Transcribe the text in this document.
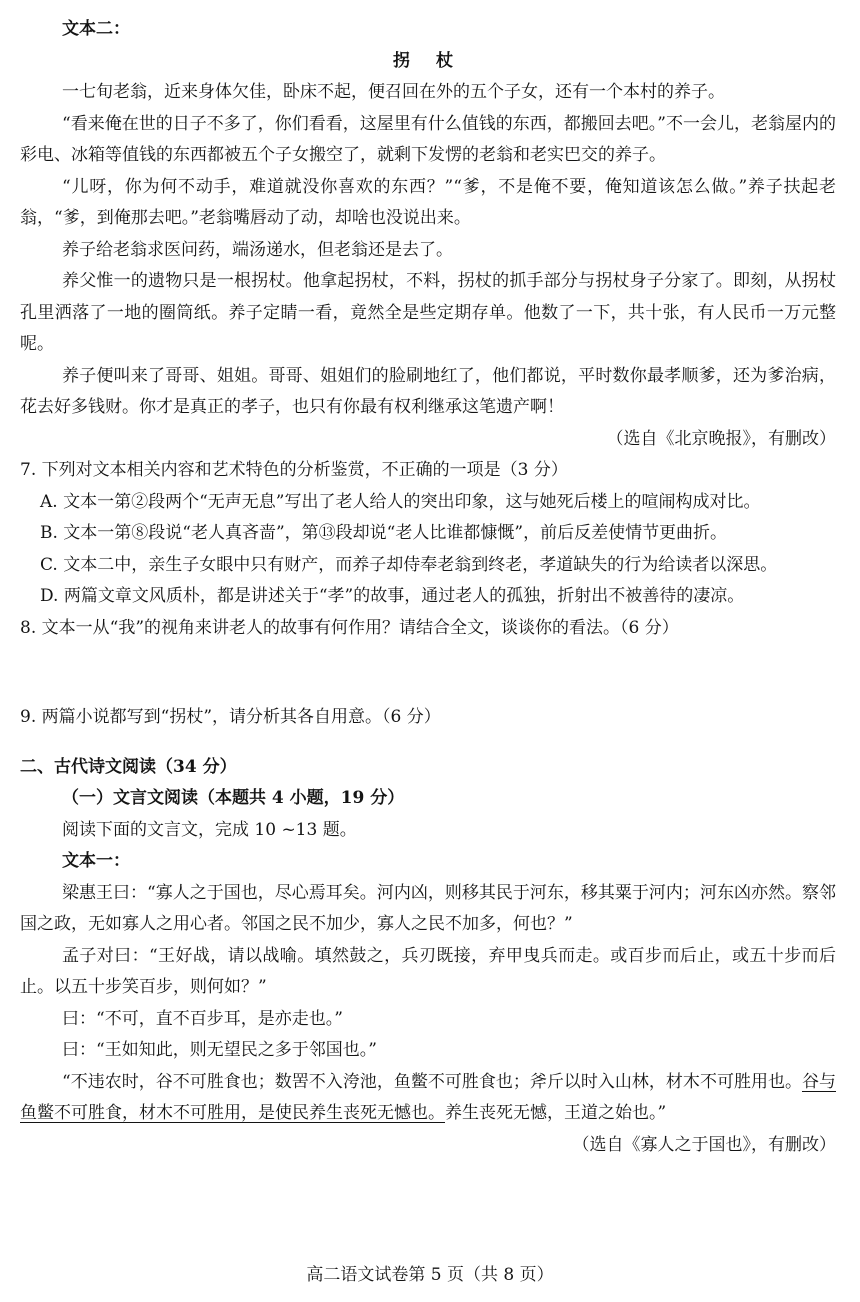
文本二：

拐 杖

一七旬老翁，近来身体欠佳，卧床不起，便召回在外的五个子女，还有一个本村的养子。

“看来俺在世的日子不多了，你们看看，这屋里有什么值钱的东西，都搬回去吧。”不一会儿，老翁屋内的彩电、冰箱等值钱的东西都被五个子女搬空了，就剩下发愣的老翁和老实巴交的养子。

“儿呀，你为何不动手，难道就没你喜欢的东西？”“爹，不是俺不要，俺知道该怎么做。”养子扶起老翁，“爹，到俺那去吧。”老翁嘴唇动了动，却啥也没说出来。

养子给老翁求医问药，端汤递水，但老翁还是去了。

养父惟一的遗物只是一根拐杖。他拿起拐杖，不料，拐杖的抓手部分与拐杖身子分家了。即刻，从拐杖孔里洒落了一地的圈筒纸。养子定睛一看，竟然全是些定期存单。他数了一下，共十张，有人民币一万元整呢。

养子便叫来了哥哥、姐姐。哥哥、姐姐们的脸刷地红了，他们都说，平时数你最孝顺爹，还为爹治病，花去好多钱财。你才是真正的孝子，也只有你最有权利继承这笔遗产啊！

（选自《北京晚报》，有删改）

7. 下列对文本相关内容和艺术特色的分析鉴赏，不正确的一项是（3 分）

A. 文本一第②段两个“无声无息”写出了老人给人的突出印象，这与她死后楼上的喧闹构成对比。

B. 文本一第⑧段说“老人真吝啬”，第⑬段却说“老人比谁都慷慨”，前后反差使情节更曲折。

C. 文本二中，亲生子女眼中只有财产，而养子却侍奉老翁到终老，孝道缺失的行为给读者以深思。

D. 两篇文章文风质朴，都是讲述关于“孝”的故事，通过老人的孤独，折射出不被善待的凄凉。

8. 文本一从“我”的视角来讲老人的故事有何作用？请结合全文，谈谈你的看法。（6 分）

9. 两篇小说都写到“拐杖”，请分析其各自用意。（6 分）

二、古代诗文阅读（34 分）

（一）文言文阅读（本题共 4 小题，19 分）

阅读下面的文言文，完成 10 ~13 题。

文本一：

梁惠王曰：“寡人之于国也，尽心焉耳矣。河内凶，则移其民于河东，移其粟于河内；河东凶亦然。察邻国之政，无如寡人之用心者。邻国之民不加少，寡人之民不加多，何也？”

孟子对曰：“王好战，请以战喻。填然鼓之，兵刃既接，弃甲曳兵而走。或百步而后止，或五十步而后止。以五十步笑百步，则何如？”

曰：“不可，直不百步耳，是亦走也。”

曰：“王如知此，则无望民之多于邻国也。”

“不违农时，谷不可胜食也；数罟不入洿池，鱼鳖不可胜食也；斧斤以时入山林，材木不可胜用也。谷与鱼鳖不可胜食，材木不可胜用，是使民养生丧死无憾也。养生丧死无憾，王道之始也。”

（选自《寡人之于国也》，有删改）

高二语文试卷第 5 页（共 8 页）
